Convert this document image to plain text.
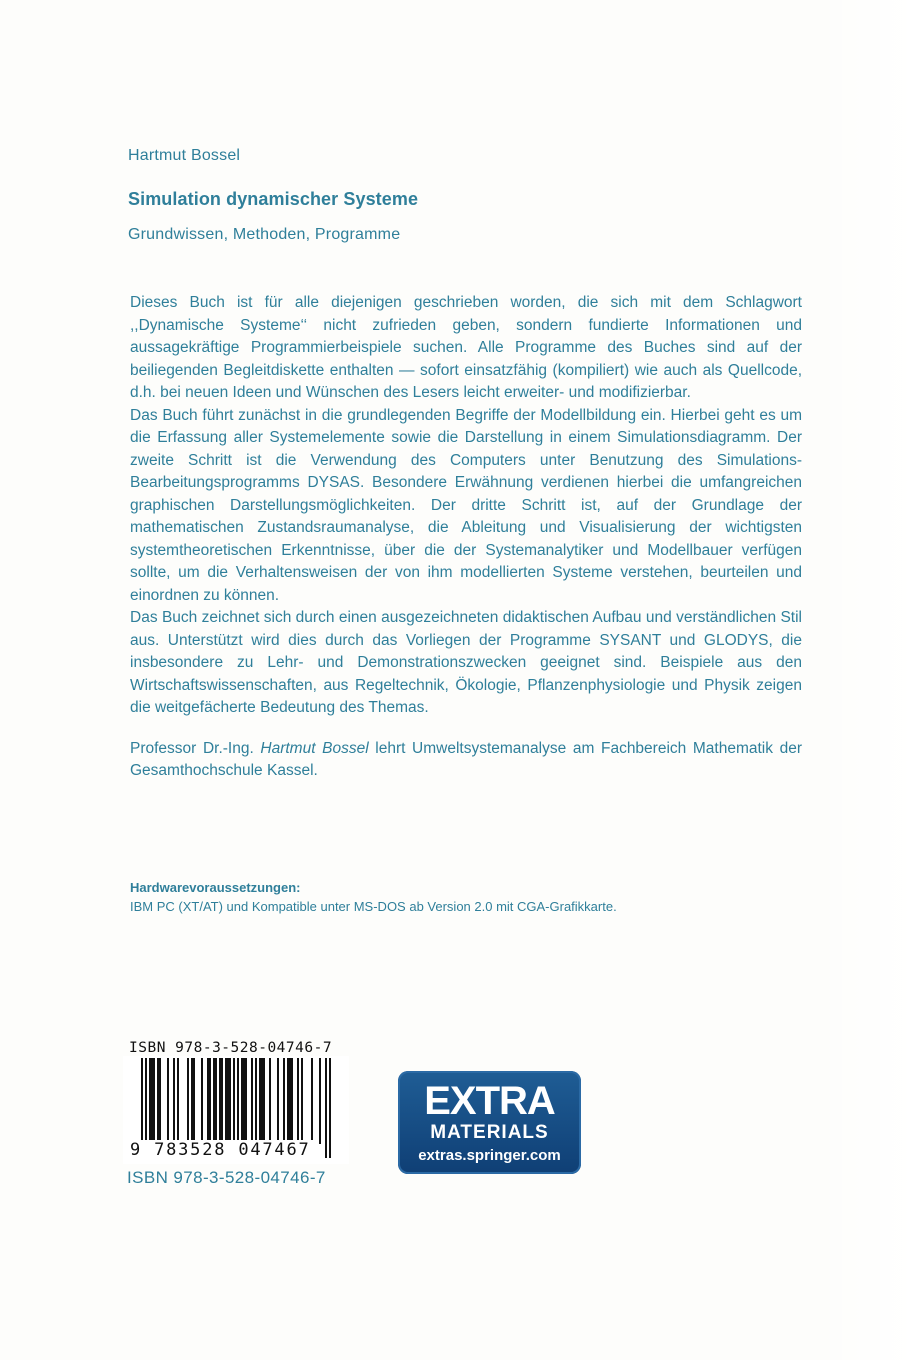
Hartmut Bossel
Simulation dynamischer Systeme
Grundwissen, Methoden, Programme

Dieses Buch ist für alle diejenigen geschrieben worden, die sich mit dem Schlagwort ,,Dynamische Systeme‘‘ nicht zufrieden geben, sondern fundierte Informationen und aussagekräftige Programmierbeispiele suchen. Alle Programme des Buches sind auf der beiliegenden Begleitdiskette enthalten — sofort einsatzfähig (kompiliert) wie auch als Quellcode, d.h. bei neuen Ideen und Wünschen des Lesers leicht erweiter- und modifizierbar.

Das Buch führt zunächst in die grundlegenden Begriffe der Modellbildung ein. Hierbei geht es um die Erfassung aller Systemelemente sowie die Darstellung in einem Simulationsdiagramm. Der zweite Schritt ist die Verwendung des Computers unter Benutzung des Simulations-Bearbeitungsprogramms DYSAS. Besondere Erwähnung verdienen hierbei die umfangreichen graphischen Darstellungsmöglichkeiten. Der dritte Schritt ist, auf der Grundlage der mathematischen Zustandsraumanalyse, die Ableitung und Visualisierung der wichtigsten systemtheoretischen Erkenntnisse, über die der Systemanalytiker und Modellbauer verfügen sollte, um die Verhaltensweisen der von ihm modellierten Systeme verstehen, beurteilen und einordnen zu können.

Das Buch zeichnet sich durch einen ausgezeichneten didaktischen Aufbau und verständlichen Stil aus. Unterstützt wird dies durch das Vorliegen der Programme SYSANT und GLODYS, die insbesondere zu Lehr- und Demonstrationszwecken geeignet sind. Beispiele aus den Wirtschaftswissenschaften, aus Regeltechnik, Ökologie, Pflanzenphysiologie und Physik zeigen die weitgefächerte Bedeutung des Themas.

Professor Dr.-Ing. Hartmut Bossel lehrt Umweltsystemanalyse am Fachbereich Mathematik der Gesamthochschule Kassel.

Hardwarevoraussetzungen:
IBM PC (XT/AT) und Kompatible unter MS-DOS ab Version 2.0 mit CGA-Grafikkarte.
ISBN 978-3-528-04746-7
9 783528 047467
ISBN 978-3-528-04746-7
EXTRA
MATERIALS
extras.springer.com
